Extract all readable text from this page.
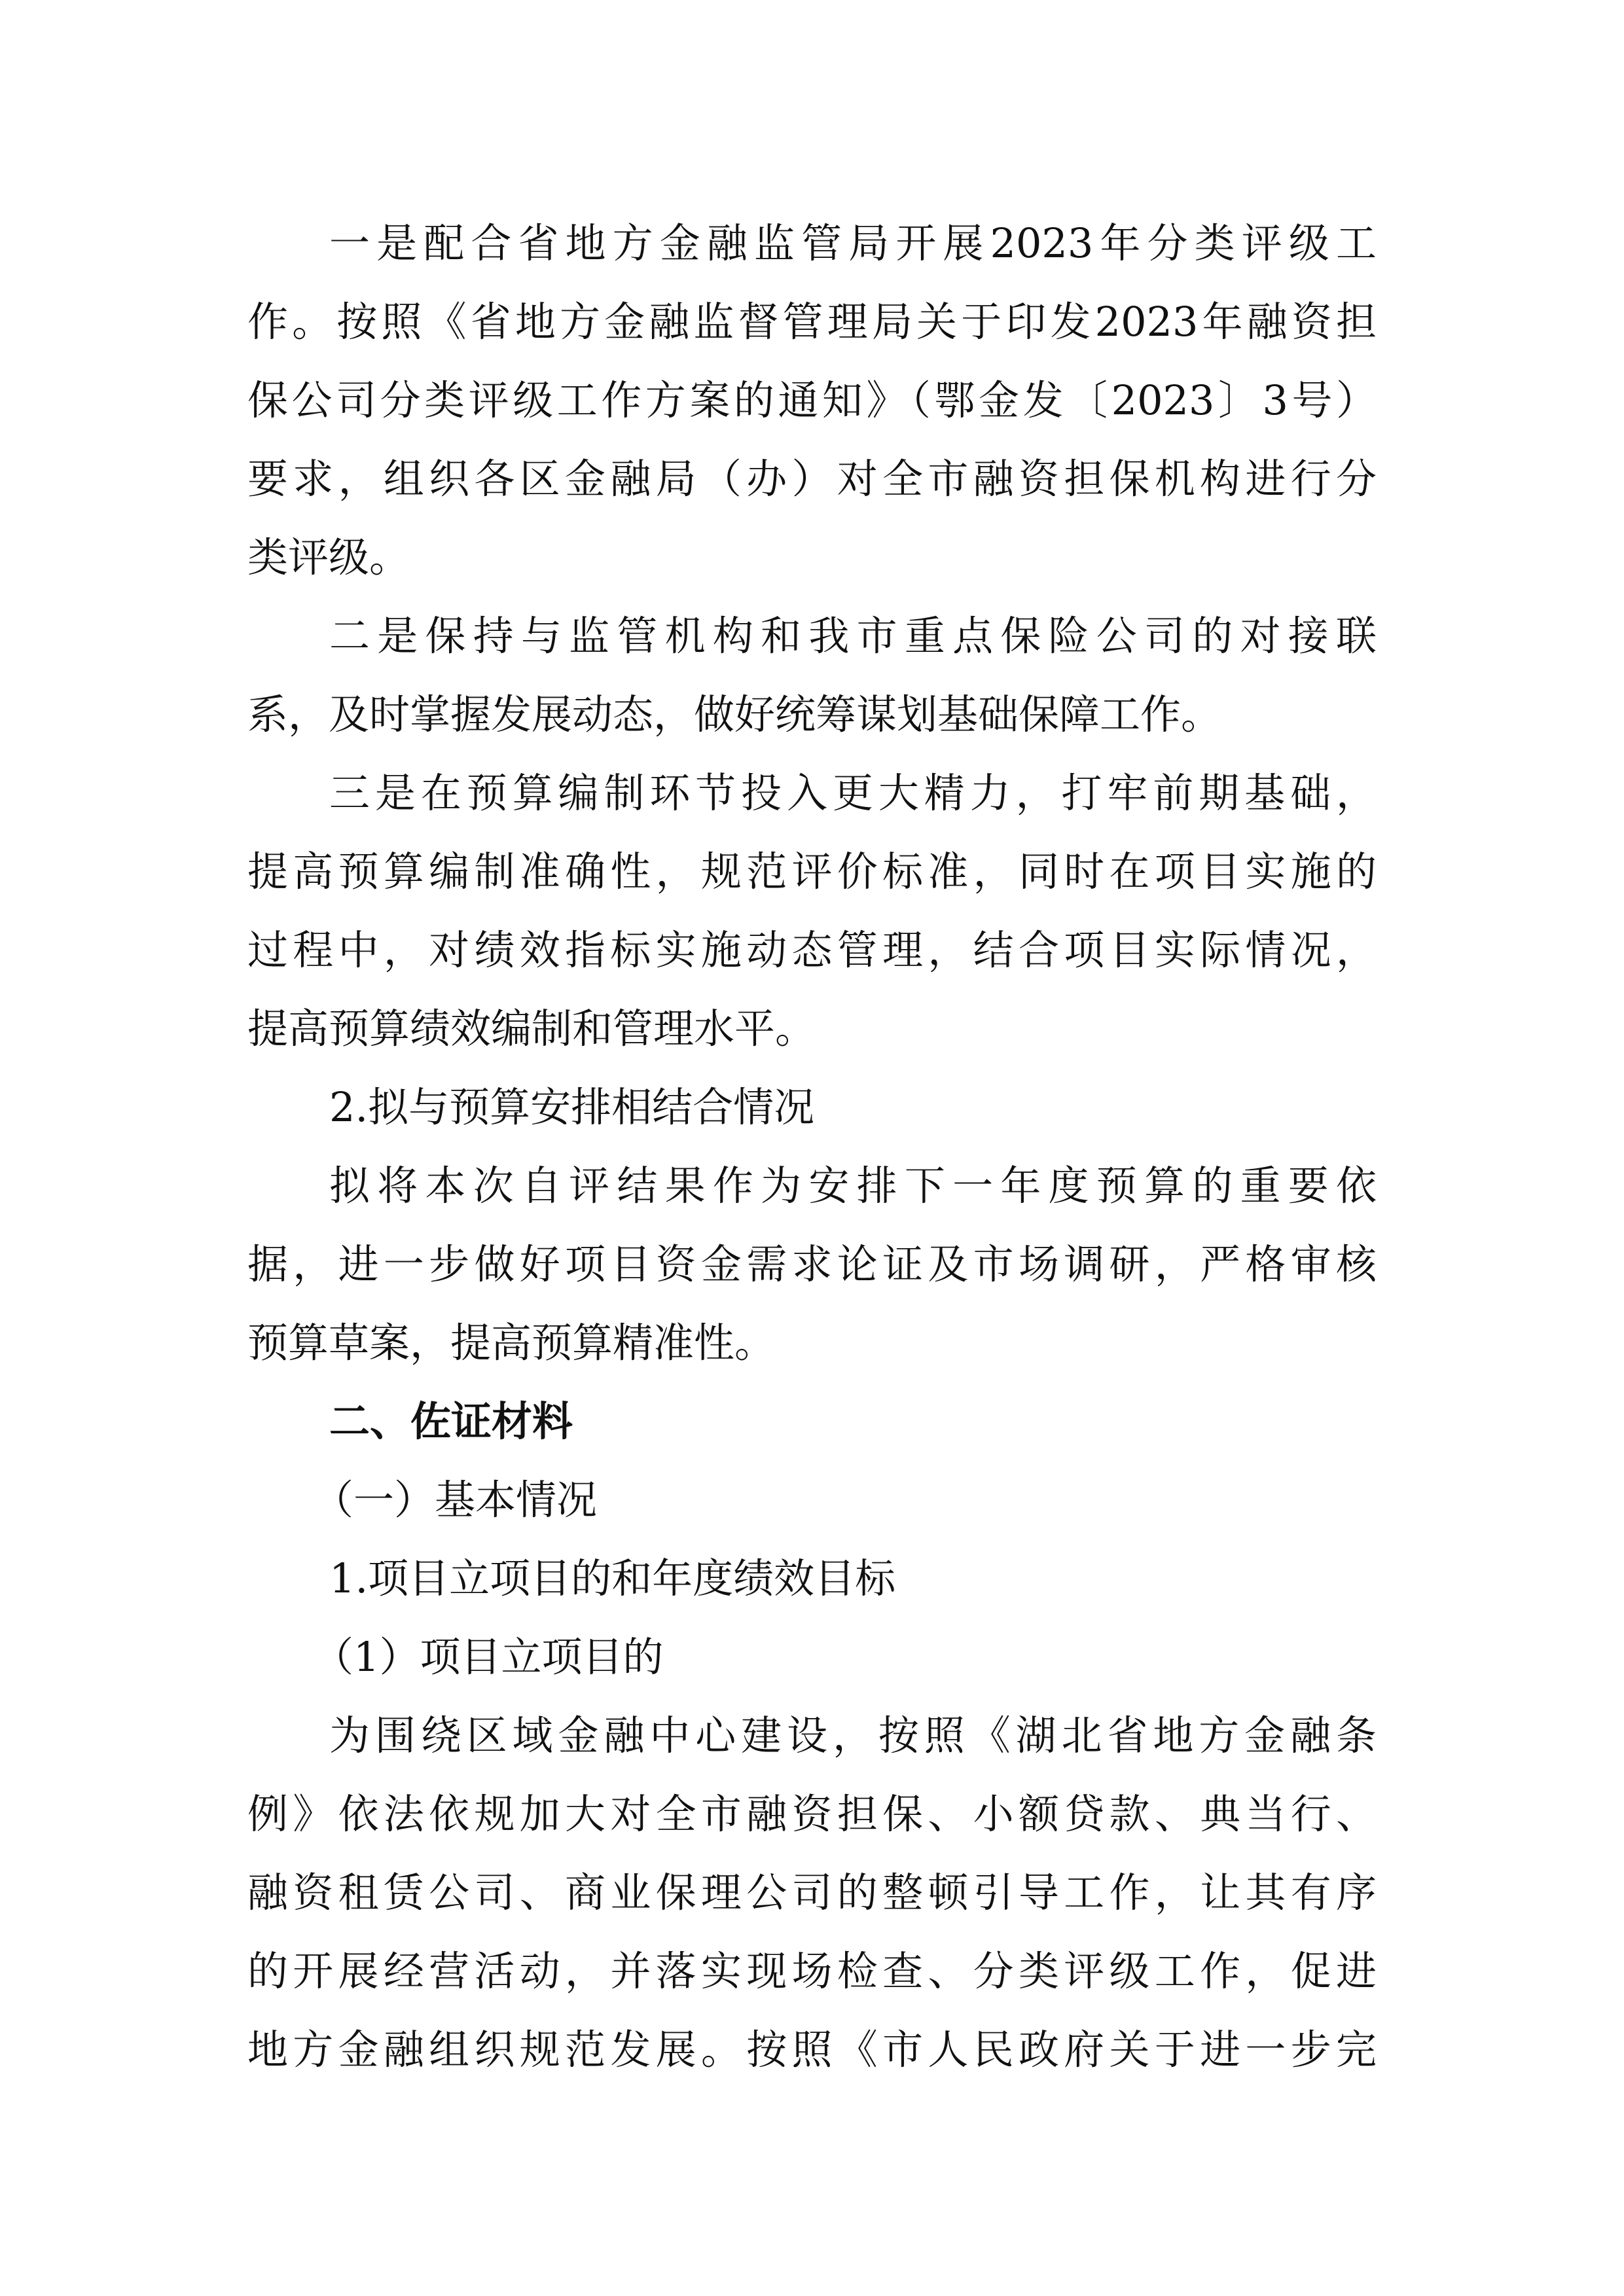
一是配合省地方金融监管局开展2023年分类评级工
作。按照《省地方金融监督管理局关于印发2023年融资担
保公司分类评级工作方案的通知》（鄂金发〔2023〕3号）
要求，组织各区金融局（办）对全市融资担保机构进行分
类评级。
二是保持与监管机构和我市重点保险公司的对接联
系，及时掌握发展动态，做好统筹谋划基础保障工作。
三是在预算编制环节投入更大精力，打牢前期基础，
提高预算编制准确性，规范评价标准，同时在项目实施的
过程中，对绩效指标实施动态管理，结合项目实际情况，
提高预算绩效编制和管理水平。
2.拟与预算安排相结合情况
拟将本次自评结果作为安排下一年度预算的重要依
据，进一步做好项目资金需求论证及市场调研，严格审核
预算草案，提高预算精准性。
二、佐证材料
（一）基本情况
1.项目立项目的和年度绩效目标
（1）项目立项目的
为围绕区域金融中心建设，按照《湖北省地方金融条
例》依法依规加大对全市融资担保、小额贷款、典当行、
融资租赁公司、商业保理公司的整顿引导工作，让其有序
的开展经营活动，并落实现场检查、分类评级工作，促进
地方金融组织规范发展。按照《市人民政府关于进一步完
